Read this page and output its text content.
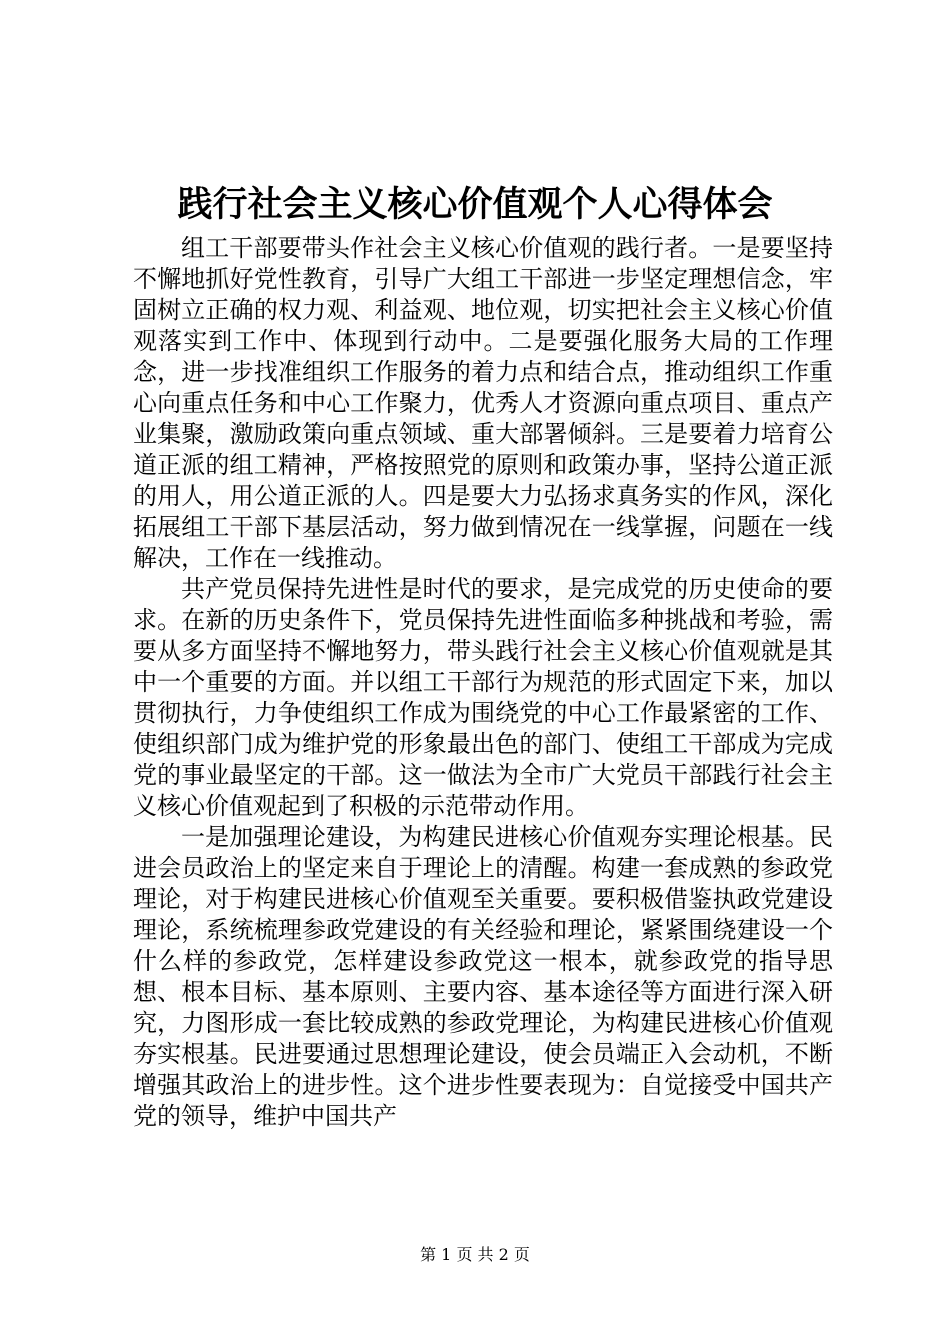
践行社会主义核心价值观个人心得体会

组工干部要带头作社会主义核心价值观的践行者。一是要坚持不懈地抓好党性教育，引导广大组工干部进一步坚定理想信念，牢固树立正确的权力观、利益观、地位观，切实把社会主义核心价值观落实到工作中、体现到行动中。二是要强化服务大局的工作理念，进一步找准组织工作服务的着力点和结合点，推动组织工作重心向重点任务和中心工作聚力，优秀人才资源向重点项目、重点产业集聚，激励政策向重点领域、重大部署倾斜。三是要着力培育公道正派的组工精神，严格按照党的原则和政策办事，坚持公道正派的用人，用公道正派的人。四是要大力弘扬求真务实的作风，深化拓展组工干部下基层活动，努力做到情况在一线掌握，问题在一线解决，工作在一线推动。

共产党员保持先进性是时代的要求，是完成党的历史使命的要求。在新的历史条件下，党员保持先进性面临多种挑战和考验，需要从多方面坚持不懈地努力，带头践行社会主义核心价值观就是其中一个重要的方面。并以组工干部行为规范的形式固定下来，加以贯彻执行，力争使组织工作成为围绕党的中心工作最紧密的工作、使组织部门成为维护党的形象最出色的部门、使组工干部成为完成党的事业最坚定的干部。这一做法为全市广大党员干部践行社会主义核心价值观起到了积极的示范带动作用。

一是加强理论建设，为构建民进核心价值观夯实理论根基。民进会员政治上的坚定来自于理论上的清醒。构建一套成熟的参政党理论，对于构建民进核心价值观至关重要。要积极借鉴执政党建设理论，系统梳理参政党建设的有关经验和理论，紧紧围绕建设一个什么样的参政党，怎样建设参政党这一根本，就参政党的指导思想、根本目标、基本原则、主要内容、基本途径等方面进行深入研究，力图形成一套比较成熟的参政党理论，为构建民进核心价值观夯实根基。民进要通过思想理论建设，使会员端正入会动机，不断增强其政治上的进步性。这个进步性要表现为：自觉接受中国共产党的领导，维护中国共产

第 1 页 共 2 页
